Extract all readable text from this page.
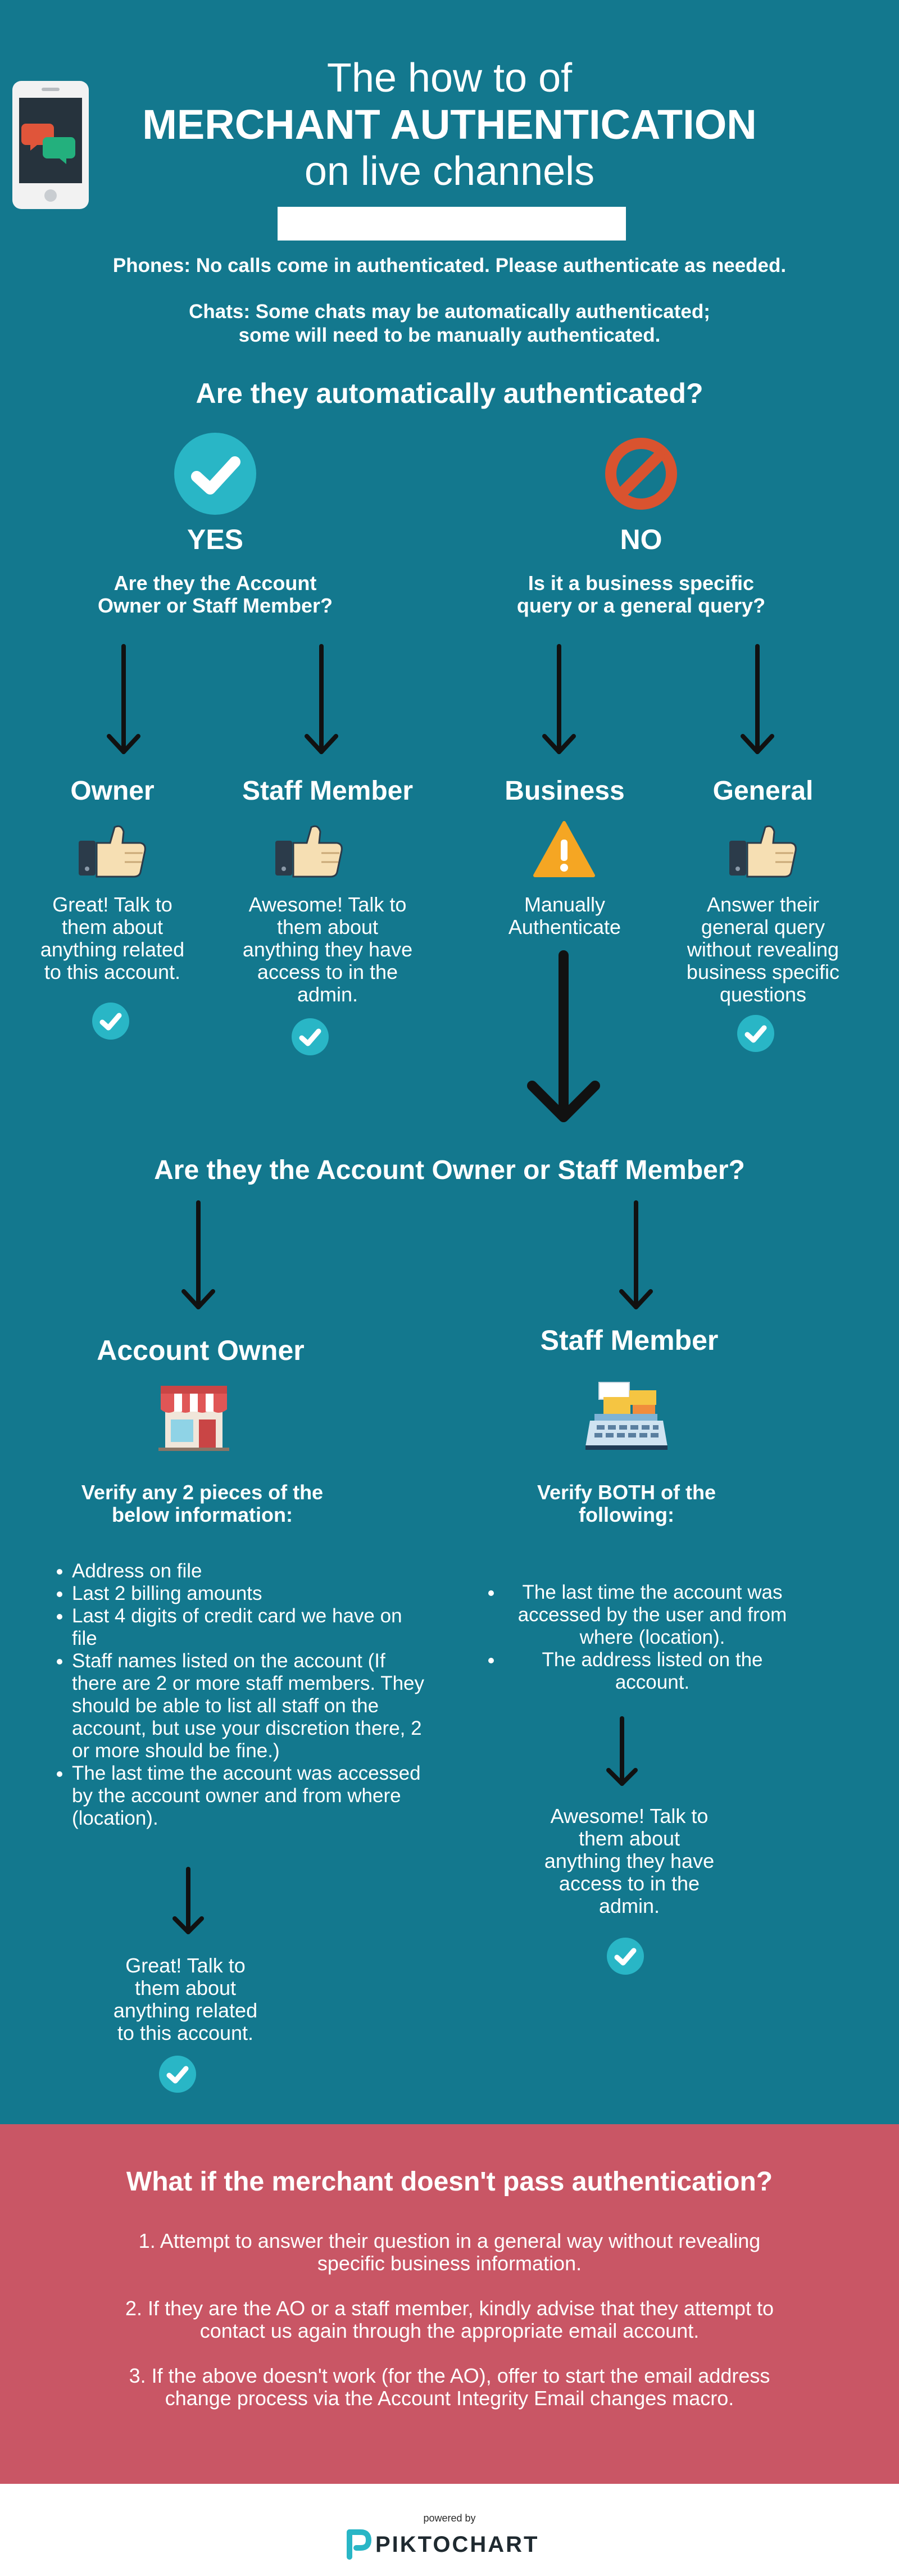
The how to of

MERCHANT AUTHENTICATION

on live channels

Phones: No calls come in authenticated. Please authenticate as needed.

Chats: Some chats may be automatically authenticated;
some will need to be manually authenticated.

Are they automatically authenticated?

YES	NO

Are they the Account
Owner or Staff Member?

Is it a business specific
query or a general query?

Owner	Staff Member	Business	General

Great! Talk to
them about
anything related
to this account.

Awesome! Talk to
them about
anything they have
access to in the
admin.

Manually
Authenticate

Answer their
general query
without revealing
business specific
questions

Are they the Account Owner or Staff Member?

Account Owner	Staff Member

Verify any 2 pieces of the
below information:

Verify BOTH of the
following:

• Address on file
• Last 2 billing amounts
• Last 4 digits of credit card we have on file
• Staff names listed on the account (If there are 2 or more staff members. They should be able to list all staff on the account, but use your discretion there, 2 or more should be fine.)
• The last time the account was accessed by the account owner and from where (location).
• The last time the account was accessed by the user and from where (location).
• The address listed on the account.

Awesome! Talk to
them about
anything they have
access to in the
admin.

Great! Talk to
them about
anything related
to this account.

What if the merchant doesn't pass authentication?

1. Attempt to answer their question in a general way without revealing
specific business information.

2. If they are the AO or a staff member, kindly advise that they attempt to
contact us again through the appropriate email account.

3. If the above doesn't work (for the AO), offer to start the email address
change process via the Account Integrity Email changes macro.

powered by

PIKTOCHART
